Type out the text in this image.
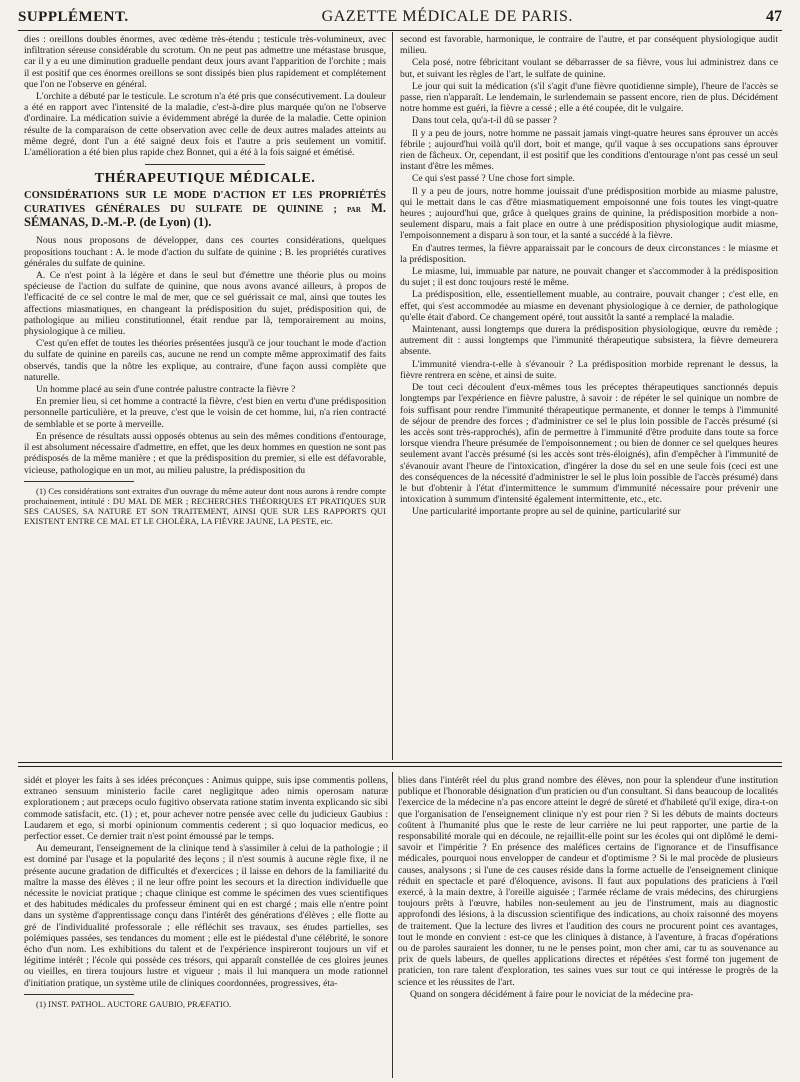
SUPPLÉMENT.	GAZETTE MÉDICALE DE PARIS.	47

dies : oreillons doubles énormes, avec œdème très-étendu ; testicule très-volumineux, avec infiltration séreuse considérable du scrotum. On ne peut pas admettre une métastase brusque, car il y a eu une diminution graduelle pendant deux jours avant l'apparition de l'orchite ; mais il est positif que ces énormes oreillons se sont dissipés bien plus rapidement et complétement que l'on ne l'observe en général.

L'orchite a débuté par le testicule. Le scrotum n'a été pris que consécutivement. La douleur a été en rapport avec l'intensité de la maladie, c'est-à-dire plus marquée qu'on ne l'observe d'ordinaire. La médication suivie a évidemment abrégé la durée de la maladie. Cette opinion résulte de la comparaison de cette observation avec celle de deux autres malades atteints au même degré, dont l'un a été saigné deux fois et l'autre a pris seulement un vomitif. L'amélioration a été bien plus rapide chez Bonnet, qui a été à la fois saigné et émétisé.

THÉRAPEUTIQUE MÉDICALE.
CONSIDÉRATIONS SUR LE MODE D'ACTION ET LES PROPRIÉTÉS CURATIVES GÉNÉRALES DU SULFATE DE QUININE ; par M. SÉMANAS, D.-M.-P. (de Lyon) (1).

Nous nous proposons de développer, dans ces courtes considérations, quelques propositions touchant : A. le mode d'action du sulfate de quinine ; B. les propriétés curatives générales du sulfate de quinine.

A. Ce n'est point à la légère et dans le seul but d'émettre une théorie plus ou moins spécieuse de l'action du sulfate de quinine, que nous avons avancé ailleurs, à propos de l'efficacité de ce sel contre le mal de mer, que ce sel guérissait ce mal, ainsi que toutes les affections miasmatiques, en changeant la prédisposition du sujet, prédisposition qui, de pathologique au milieu constitutionnel, était rendue par là, temporairement au moins, physiologique à ce milieu.

C'est qu'en effet de toutes les théories présentées jusqu'à ce jour touchant le mode d'action du sulfate de quinine en pareils cas, aucune ne rend un compte même approximatif des faits observés, tandis que la nôtre les explique, au contraire, d'une façon aussi complète que naturelle.

Un homme placé au sein d'une contrée palustre contracte la fièvre ?

En premier lieu, si cet homme a contracté la fièvre, c'est bien en vertu d'une prédisposition personnelle particulière, et la preuve, c'est que le voisin de cet homme, lui, n'a rien contracté de semblable et se porte à merveille.

En présence de résultats aussi opposés obtenus au sein des mêmes conditions d'entourage, il est absolument nécessaire d'admettre, en effet, que les deux hommes en question ne sont pas prédisposés de la même manière ; et que la prédisposition du premier, si elle est défavorable, vicieuse, pathologique en un mot, au milieu palustre, la prédisposition du

(1) Ces considérations sont extraites d'un ouvrage du même auteur dont nous aurons à rendre compte prochainement, intitulé : DU MAL DE MER ; RECHERCHES THÉORIQUES ET PRATIQUES SUR SES CAUSES, SA NATURE ET SON TRAITEMENT, AINSI QUE SUR LES RAPPORTS QUI EXISTENT ENTRE CE MAL ET LE CHOLÉRA, LA FIÈVRE JAUNE, LA PESTE, etc.

second est favorable, harmonique, le contraire de l'autre, et par conséquent physiologique audit milieu.

Cela posé, notre fébricitant voulant se débarrasser de sa fièvre, vous lui administrez dans ce but, et suivant les règles de l'art, le sulfate de quinine.

Le jour qui suit la médication (s'il s'agit d'une fièvre quotidienne simple), l'heure de l'accès se passe, rien n'apparaît. Le lendemain, le surlendemain se passent encore, rien de plus. Décidément notre homme est guéri, la fièvre a cessé ; elle a été coupée, dit le vulgaire.

Dans tout cela, qu'a-t-il dû se passer ?

Il y a peu de jours, notre homme ne passait jamais vingt-quatre heures sans éprouver un accès fébrile ; aujourd'hui voilà qu'il dort, boit et mange, qu'il vaque à ses occupations sans éprouver rien de fâcheux. Or, cependant, il est positif que les conditions d'entourage n'ont pas cessé un seul instant d'être les mêmes.

Ce qui s'est passé ? Une chose fort simple.

Il y a peu de jours, notre homme jouissait d'une prédisposition morbide au miasme palustre, qui le mettait dans le cas d'être miasmatiquement empoisonné une fois toutes les vingt-quatre heures ; aujourd'hui que, grâce à quelques grains de quinine, la prédisposition morbide a non-seulement disparu, mais a fait place en outre à une prédisposition physiologique audit miasme, l'empoisonnement a disparu à son tour, et la santé a succédé à la fièvre.

En d'autres termes, la fièvre apparaissait par le concours de deux circonstances : le miasme et la prédisposition.

Le miasme, lui, immuable par nature, ne pouvait changer et s'accommoder à la prédisposition du sujet ; il est donc toujours resté le même.

La prédisposition, elle, essentiellement muable, au contraire, pouvait changer ; c'est elle, en effet, qui s'est accommodée au miasme en devenant physiologique à ce dernier, de pathologique qu'elle était d'abord. Ce changement opéré, tout aussitôt la santé a remplacé la maladie.

Maintenant, aussi longtemps que durera la prédisposition physiologique, œuvre du remède ; autrement dit : aussi longtemps que l'immunité thérapeutique subsistera, la fièvre demeurera absente.

L'immunité viendra-t-elle à s'évanouir ? La prédisposition morbide reprenant le dessus, la fièvre rentrera en scène, et ainsi de suite.

De tout ceci découlent d'eux-mêmes tous les préceptes thérapeutiques sanctionnés depuis longtemps par l'expérience en fièvre palustre, à savoir : de répéter le sel quinique un nombre de fois suffisant pour rendre l'immunité thérapeutique permanente, et donner le temps à l'immunité de séjour de prendre des forces ; d'administrer ce sel le plus loin possible de l'accès présumé (si les accès sont très-rapprochés), afin de permettre à l'immunité d'être produite dans toute sa force lorsque viendra l'heure présumée de l'empoisonnement ; ou bien de donner ce sel quelques heures seulement avant l'accès présumé (si les accès sont très-éloignés), afin d'empêcher à l'immunité de s'évanouir avant l'heure de l'intoxication, d'ingérer la dose du sel en une seule fois (ceci est une des conséquences de la nécessité d'administrer le sel le plus loin possible de l'accès présumé) dans le but d'obtenir à l'état d'intermittence le summum d'immunité nécessaire pour prévenir une intoxication à summum d'intensité également intermittente, etc., etc.

Une particularité importante propre au sel de quinine, particularité sur

sidét et ployer les faits à ses idées préconçues : Animus quippe, suis ipse commentis pollens, extraneo sensuum ministerio facile caret negligitque adeo nimis operosam naturæ explorationem ; aut præceps oculo fugitivo observata ratione statim inventa explicando sic sibi commode satisfacit, etc. (1) ; et, pour achever notre pensée avec celle du judicieux Gaubius : Laudarem et ego, si morbi opinionum commentis cederent ; si quo loquacior medicus, eo perfectior esset. Ce dernier trait n'est point émoussé par le temps.

Au demeurant, l'enseignement de la clinique tend à s'assimiler à celui de la pathologie ; il est dominé par l'usage et la popularité des leçons ; il n'est soumis à aucune règle fixe, il ne présente aucune gradation de difficultés et d'exercices ; il laisse en dehors de la familiarité du maître la masse des élèves ; il ne leur offre point les secours et la direction individuelle que nécessite le noviciat pratique ; chaque clinique est comme le spécimen des vues scientifiques et des habitudes médicales du professeur éminent qui en est chargé ; mais elle n'entre point dans un système d'apprentissage conçu dans l'intérêt des générations d'élèves ; elle flotte au gré de l'individualité professorale ; elle réfléchit ses travaux, ses études partielles, ses polémiques passées, ses tendances du moment ; elle est le piédestal d'une célébrité, le sonore écho d'un nom. Les exhibitions du talent et de l'expérience inspireront toujours un vif et légitime intérêt ; l'école qui possède ces trésors, qui apparaît constellée de ces gloires jeunes ou vieilles, en tirera toujours lustre et vigueur ; mais il lui manquera un mode rationnel d'initiation pratique, un système utile de cliniques coordonnées, progressives, éta-

(1) INST. PATHOL. AUCTORE GAUBIO, PRÆFATIO.

blies dans l'intérêt réel du plus grand nombre des élèves, non pour la splendeur d'une institution publique et l'honorable désignation d'un praticien ou d'un consultant. Si dans beaucoup de localités l'exercice de la médecine n'a pas encore atteint le degré de sûreté et d'habileté qu'il exige, dira-t-on que l'organisation de l'enseignement clinique n'y est pour rien ? Si les débuts de maints docteurs coûtent à l'humanité plus que le reste de leur carrière ne lui peut rapporter, une partie de la responsabilité morale qui en découle, ne rejaillit-elle point sur les écoles qui ont diplômé le demi-savoir et l'impéritie ? En présence des maléfices certains de l'ignorance et de l'insuffisance médicales, pourquoi nous envelopper de candeur et d'optimisme ? Si le mal procède de plusieurs causes, analysons ; si l'une de ces causes réside dans la forme actuelle de l'enseignement clinique réduit en spectacle et paré d'éloquence, avisons. Il faut aux populations des praticiens à l'œil exercé, à la main dextre, à l'oreille aiguisée ; l'armée réclame de vrais médecins, des chirurgiens toujours prêts à l'œuvre, habiles non-seulement au jeu de l'instrument, mais au diagnostic approfondi des lésions, à la discussion scientifique des indications, au choix raisonné des moyens de traitement. Que la lecture des livres et l'audition des cours ne procurent point ces avantages, tout le monde en convient : est-ce que les cliniques à distance, à l'aventure, à fracas d'opérations ou de paroles sauraient les donner, tu ne le penses point, mon cher ami, car tu as souvenance au prix de quels labeurs, de quelles applications directes et répétées s'est formé ton jugement de praticien, ton rare talent d'exploration, tes saines vues sur tout ce qui intéresse le progrès de la science et les réussites de l'art.

Quand on songera décidément à faire pour le noviciat de la médecine pra-
